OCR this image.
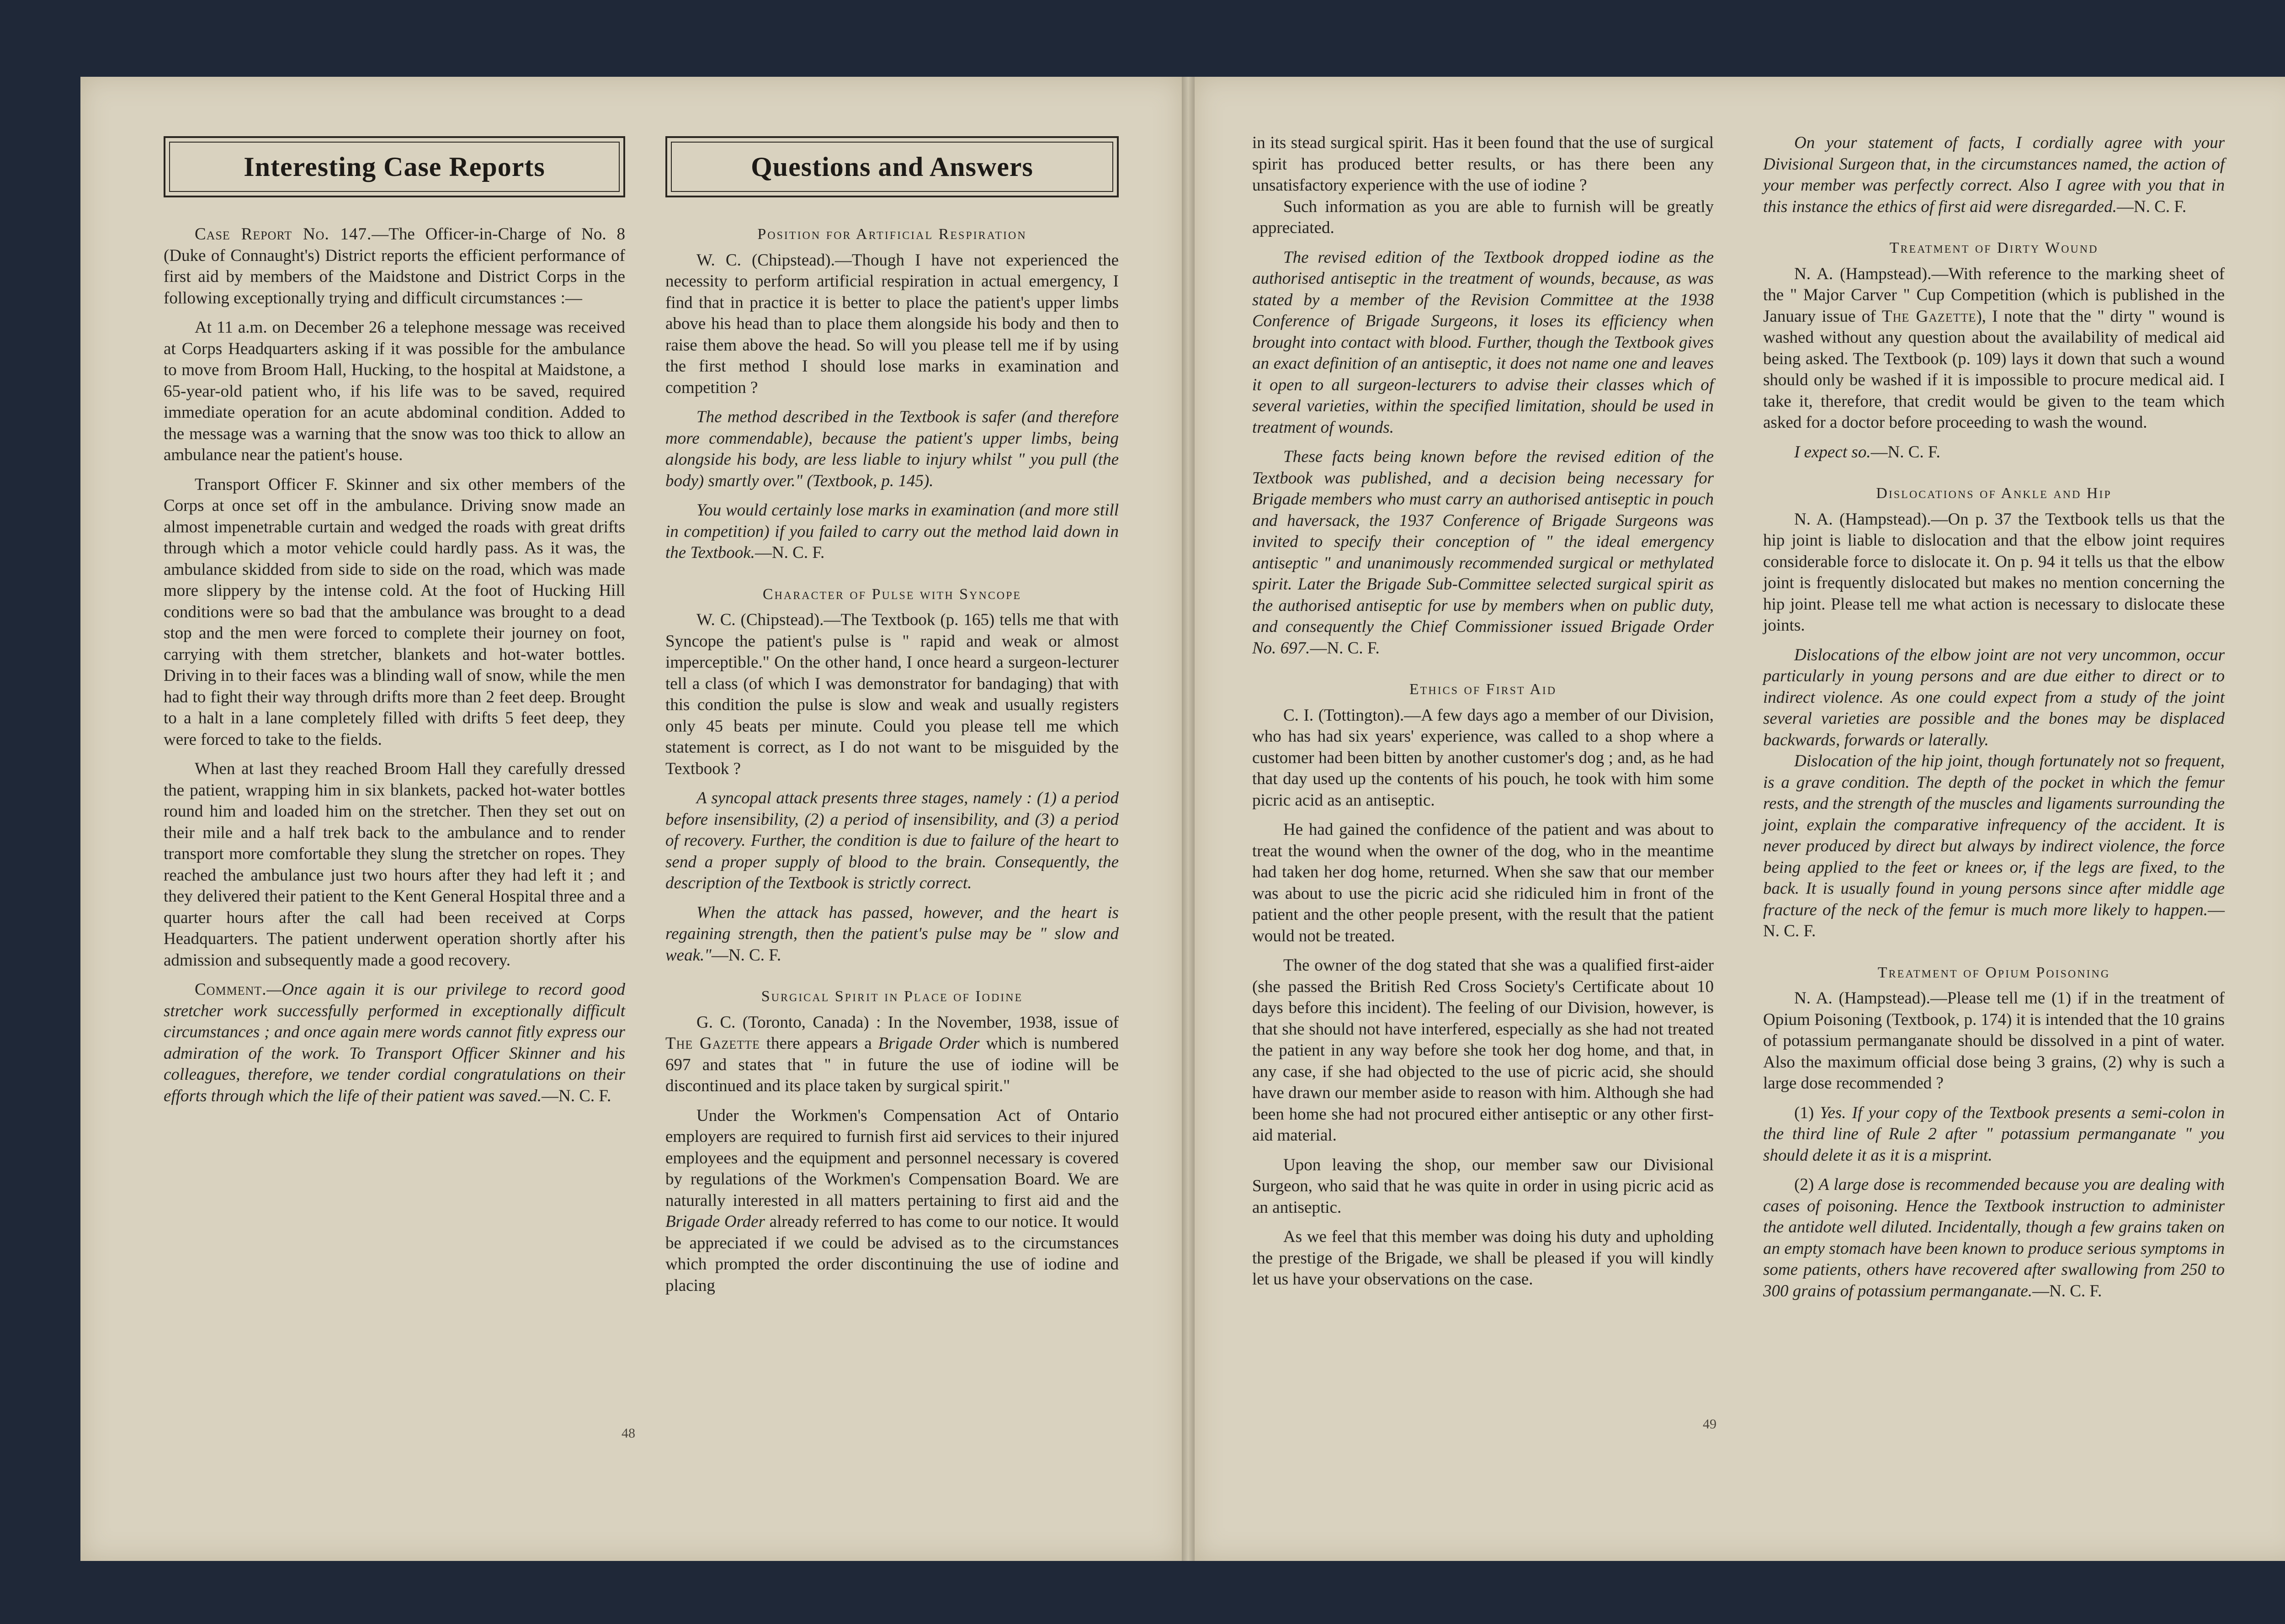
Interesting Case Reports

Case Report No. 147.—The Officer-in-Charge of No. 8 (Duke of Connaught's) District reports the efficient performance of first aid by members of the Maidstone and District Corps in the following exceptionally trying and difficult circumstances :—

At 11 a.m. on December 26 a telephone message was received at Corps Headquarters asking if it was possible for the ambulance to move from Broom Hall, Hucking, to the hospital at Maidstone, a 65-year-old patient who, if his life was to be saved, required immediate operation for an acute abdominal condition. Added to the message was a warning that the snow was too thick to allow an ambulance near the patient's house.

Transport Officer F. Skinner and six other members of the Corps at once set off in the ambulance. Driving snow made an almost impenetrable curtain and wedged the roads with great drifts through which a motor vehicle could hardly pass. As it was, the ambulance skidded from side to side on the road, which was made more slippery by the intense cold. At the foot of Hucking Hill conditions were so bad that the ambulance was brought to a dead stop and the men were forced to complete their journey on foot, carrying with them stretcher, blankets and hot-water bottles. Driving in to their faces was a blinding wall of snow, while the men had to fight their way through drifts more than 2 feet deep. Brought to a halt in a lane completely filled with drifts 5 feet deep, they were forced to take to the fields.

When at last they reached Broom Hall they carefully dressed the patient, wrapping him in six blankets, packed hot-water bottles round him and loaded him on the stretcher. Then they set out on their mile and a half trek back to the ambulance and to render transport more comfortable they slung the stretcher on ropes. They reached the ambulance just two hours after they had left it ; and they delivered their patient to the Kent General Hospital three and a quarter hours after the call had been received at Corps Headquarters. The patient underwent operation shortly after his admission and subsequently made a good recovery.

Comment.—Once again it is our privilege to record good stretcher work successfully performed in exceptionally difficult circumstances ; and once again mere words cannot fitly express our admiration of the work. To Transport Officer Skinner and his colleagues, therefore, we tender cordial congratulations on their efforts through which the life of their patient was saved.—N. C. F.

Questions and Answers
Position for Artificial Respiration

W. C. (Chipstead).—Though I have not experienced the necessity to perform artificial respiration in actual emergency, I find that in practice it is better to place the patient's upper limbs above his head than to place them alongside his body and then to raise them above the head. So will you please tell me if by using the first method I should lose marks in examination and competition ?

The method described in the Textbook is safer (and therefore more commendable), because the patient's upper limbs, being alongside his body, are less liable to injury whilst " you pull (the body) smartly over." (Textbook, p. 145).

You would certainly lose marks in examination (and more still in competition) if you failed to carry out the method laid down in the Textbook.—N. C. F.

Character of Pulse with Syncope

W. C. (Chipstead).—The Textbook (p. 165) tells me that with Syncope the patient's pulse is " rapid and weak or almost imperceptible." On the other hand, I once heard a surgeon-lecturer tell a class (of which I was demonstrator for bandaging) that with this condition the pulse is slow and weak and usually registers only 45 beats per minute. Could you please tell me which statement is correct, as I do not want to be misguided by the Textbook ?

A syncopal attack presents three stages, namely : (1) a period before insensibility, (2) a period of insensibility, and (3) a period of recovery. Further, the condition is due to failure of the heart to send a proper supply of blood to the brain. Consequently, the description of the Textbook is strictly correct.

When the attack has passed, however, and the heart is regaining strength, then the patient's pulse may be " slow and weak."—N. C. F.

Surgical Spirit in Place of Iodine

G. C. (Toronto, Canada) : In the November, 1938, issue of The Gazette there appears a Brigade Order which is numbered 697 and states that " in future the use of iodine will be discontinued and its place taken by surgical spirit."

Under the Workmen's Compensation Act of Ontario employers are required to furnish first aid services to their injured employees and the equipment and personnel necessary is covered by regulations of the Workmen's Compensation Board. We are naturally interested in all matters pertaining to first aid and the Brigade Order already referred to has come to our notice. It would be appreciated if we could be advised as to the circumstances which prompted the order discontinuing the use of iodine and placing

48

in its stead surgical spirit. Has it been found that the use of surgical spirit has produced better results, or has there been any unsatisfactory experience with the use of iodine ?

Such information as you are able to furnish will be greatly appreciated.

The revised edition of the Textbook dropped iodine as the authorised antiseptic in the treatment of wounds, because, as was stated by a member of the Revision Committee at the 1938 Conference of Brigade Surgeons, it loses its efficiency when brought into contact with blood. Further, though the Textbook gives an exact definition of an antiseptic, it does not name one and leaves it open to all surgeon-lecturers to advise their classes which of several varieties, within the specified limitation, should be used in treatment of wounds.

These facts being known before the revised edition of the Textbook was published, and a decision being necessary for Brigade members who must carry an authorised antiseptic in pouch and haversack, the 1937 Conference of Brigade Surgeons was invited to specify their conception of " the ideal emergency antiseptic " and unanimously recommended surgical or methylated spirit. Later the Brigade Sub-Committee selected surgical spirit as the authorised antiseptic for use by members when on public duty, and consequently the Chief Commissioner issued Brigade Order No. 697.—N. C. F.

Ethics of First Aid

C. I. (Tottington).—A few days ago a member of our Division, who has had six years' experience, was called to a shop where a customer had been bitten by another customer's dog ; and, as he had that day used up the contents of his pouch, he took with him some picric acid as an antiseptic.

He had gained the confidence of the patient and was about to treat the wound when the owner of the dog, who in the meantime had taken her dog home, returned. When she saw that our member was about to use the picric acid she ridiculed him in front of the patient and the other people present, with the result that the patient would not be treated.

The owner of the dog stated that she was a qualified first-aider (she passed the British Red Cross Society's Certificate about 10 days before this incident). The feeling of our Division, however, is that she should not have interfered, especially as she had not treated the patient in any way before she took her dog home, and that, in any case, if she had objected to the use of picric acid, she should have drawn our member aside to reason with him. Although she had been home she had not procured either antiseptic or any other first-aid material.

Upon leaving the shop, our member saw our Divisional Surgeon, who said that he was quite in order in using picric acid as an antiseptic.

As we feel that this member was doing his duty and upholding the prestige of the Brigade, we shall be pleased if you will kindly let us have your observations on the case.

On your statement of facts, I cordially agree with your Divisional Surgeon that, in the circumstances named, the action of your member was perfectly correct. Also I agree with you that in this instance the ethics of first aid were disregarded.—N. C. F.

Treatment of Dirty Wound

N. A. (Hampstead).—With reference to the marking sheet of the " Major Carver " Cup Competition (which is published in the January issue of The Gazette), I note that the " dirty " wound is washed without any question about the availability of medical aid being asked. The Textbook (p. 109) lays it down that such a wound should only be washed if it is impossible to procure medical aid. I take it, therefore, that credit would be given to the team which asked for a doctor before proceeding to wash the wound.

I expect so.—N. C. F.

Dislocations of Ankle and Hip

N. A. (Hampstead).—On p. 37 the Textbook tells us that the hip joint is liable to dislocation and that the elbow joint requires considerable force to dislocate it. On p. 94 it tells us that the elbow joint is frequently dislocated but makes no mention concerning the hip joint. Please tell me what action is necessary to dislocate these joints.

Dislocations of the elbow joint are not very uncommon, occur particularly in young persons and are due either to direct or to indirect violence. As one could expect from a study of the joint several varieties are possible and the bones may be displaced backwards, forwards or laterally.

Dislocation of the hip joint, though fortunately not so frequent, is a grave condition. The depth of the pocket in which the femur rests, and the strength of the muscles and ligaments surrounding the joint, explain the comparative infrequency of the accident. It is never produced by direct but always by indirect violence, the force being applied to the feet or knees or, if the legs are fixed, to the back. It is usually found in young persons since after middle age fracture of the neck of the femur is much more likely to happen.—N. C. F.

Treatment of Opium Poisoning

N. A. (Hampstead).—Please tell me (1) if in the treatment of Opium Poisoning (Textbook, p. 174) it is intended that the 10 grains of potassium permanganate should be dissolved in a pint of water. Also the maximum official dose being 3 grains, (2) why is such a large dose recommended ?

(1) Yes. If your copy of the Textbook presents a semi-colon in the third line of Rule 2 after " potassium permanganate " you should delete it as it is a misprint.

(2) A large dose is recommended because you are dealing with cases of poisoning. Hence the Textbook instruction to administer the antidote well diluted. Incidentally, though a few grains taken on an empty stomach have been known to produce serious symptoms in some patients, others have recovered after swallowing from 250 to 300 grains of potassium permanganate.—N. C. F.

49
